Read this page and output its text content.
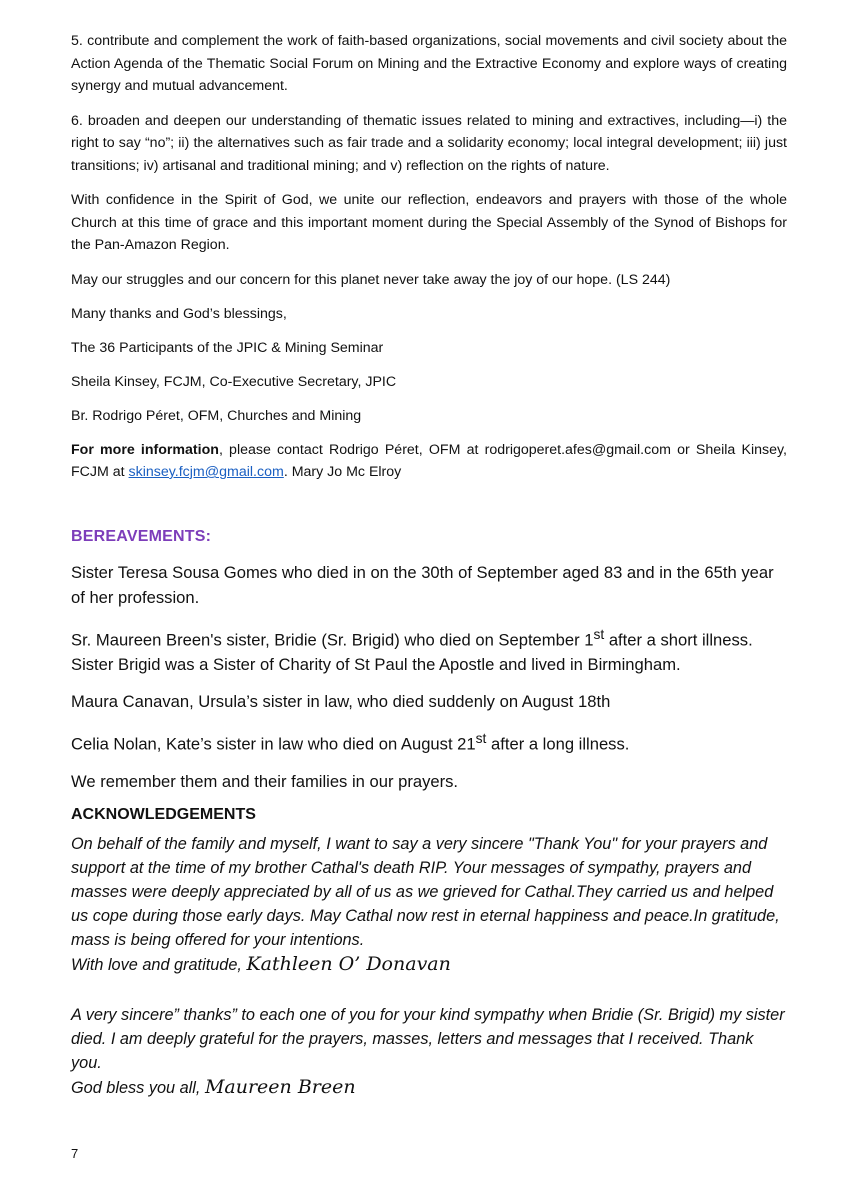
5. contribute and complement the work of faith-based organizations, social movements and civil society about the Action Agenda of the Thematic Social Forum on Mining and the Extractive Economy and explore ways of creating synergy and mutual advancement.

6. broaden and deepen our understanding of thematic issues related to mining and extractives, including—i) the right to say “no”; ii) the alternatives such as fair trade and a solidarity economy; local integral development; iii) just transitions; iv) artisanal and traditional mining; and v) reflection on the rights of nature.

With confidence in the Spirit of God, we unite our reflection, endeavors and prayers with those of the whole Church at this time of grace and this important moment during the Special Assembly of the Synod of Bishops for the Pan-Amazon Region.

May our struggles and our concern for this planet never take away the joy of our hope. (LS 244)

Many thanks and God’s blessings,

The 36 Participants of the JPIC & Mining Seminar

Sheila Kinsey, FCJM, Co-Executive Secretary, JPIC

Br. Rodrigo Péret, OFM, Churches and Mining

For more information, please contact Rodrigo Péret, OFM at rodrigoperet.afes@gmail.com or Sheila Kinsey, FCJM at skinsey.fcjm@gmail.com. Mary Jo Mc Elroy

BEREAVEMENTS:

Sister Teresa Sousa Gomes who died in on the 30th of September aged 83 and in the 65th year of her profession.

Sr. Maureen Breen's sister, Bridie (Sr. Brigid) who died on September 1st after a short illness. Sister Brigid was a Sister of Charity of St Paul the Apostle and lived in Birmingham.

Maura Canavan, Ursula’s sister in law, who died suddenly on August 18th

Celia Nolan, Kate’s sister in law who died on August 21st after a long illness.

We remember them and their families in our prayers.

ACKNOWLEDGEMENTS

On behalf of the family and myself, I want to say a very sincere "Thank You" for your prayers and support at the time of my brother Cathal's death RIP. Your messages of sympathy, prayers and masses were deeply appreciated by all of us as we grieved for Cathal.They carried us and helped us cope during those early days. May Cathal now rest in eternal happiness and peace.In gratitude, mass is being offered for your intentions.

With love and gratitude, Kathleen O’ Donavan

A very sincere” thanks” to each one of you for your kind sympathy when Bridie (Sr. Brigid) my sister died. I am deeply grateful for the prayers, masses, letters and messages that I received. Thank you.

God bless you all, Maureen Breen

7
